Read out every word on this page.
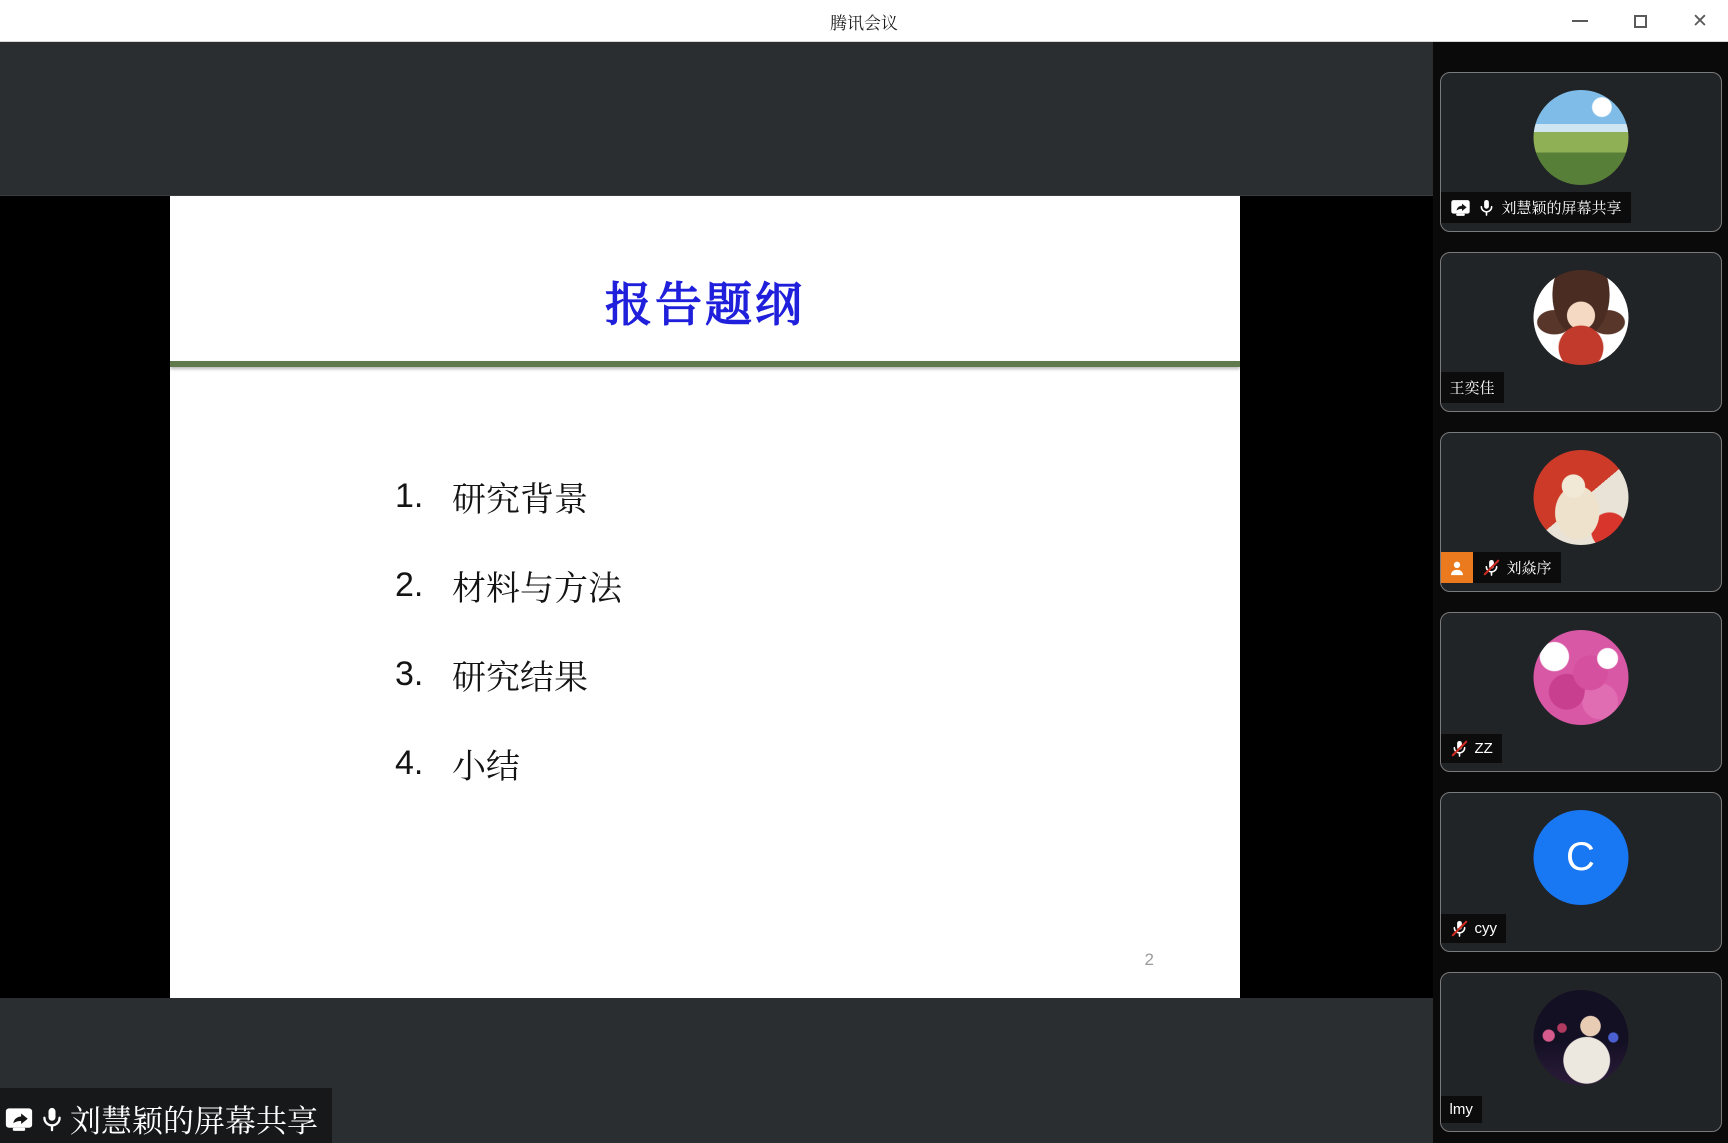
腾讯会议	✕
报告题纲
1. 研究背景
2. 材料与方法
3. 研究结果
4. 小结
2
刘慧颖的屏幕共享
刘慧颖的屏幕共享
王奕佳
刘焱序
ZZ
C
cyy
lmy
